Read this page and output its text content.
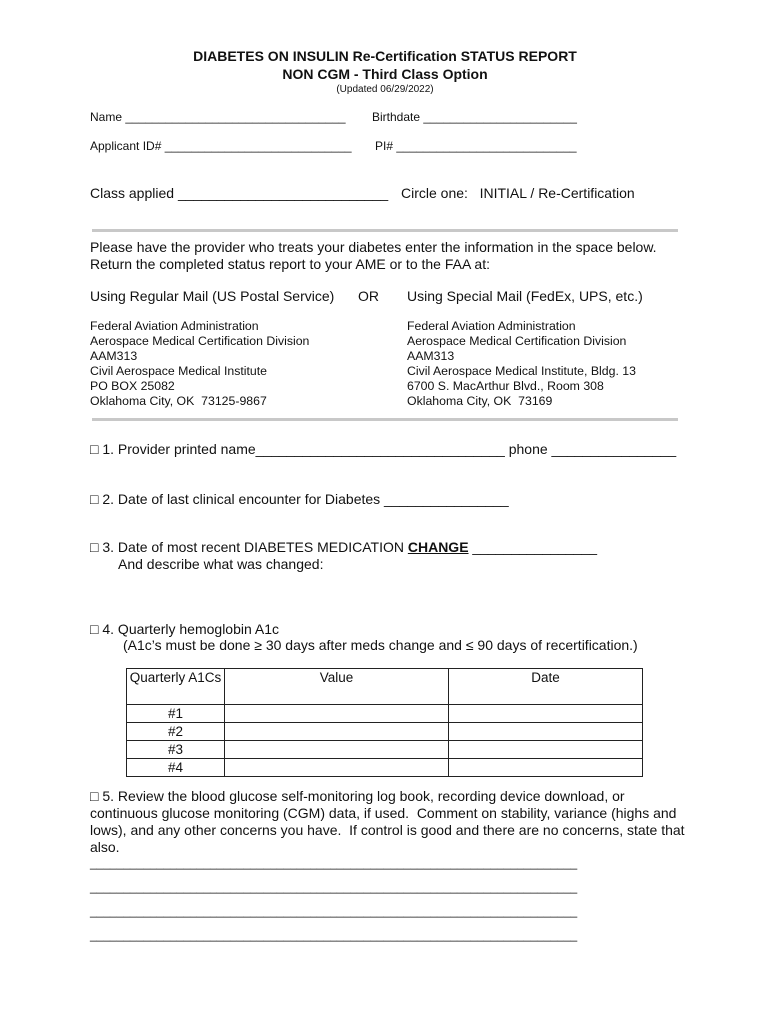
DIABETES ON INSULIN Re-Certification STATUS REPORT
NON CGM - Third Class Option
(Updated 06/29/2022)
Name _________________________________ Birthdate _______________________
Applicant ID# ____________________________ PI# ___________________________
Class applied ___________________________ Circle one:   INITIAL / Re-Certification
Please have the provider who treats your diabetes enter the information in the space below.
Return the completed status report to your AME or to the FAA at:
Using Regular Mail (US Postal Service) OR Using Special Mail (FedEx, UPS, etc.)
Federal Aviation Administration
Aerospace Medical Certification Division
AAM313
Civil Aerospace Medical Institute
PO BOX 25082
Oklahoma City, OK  73125-9867
Federal Aviation Administration
Aerospace Medical Certification Division
AAM313
Civil Aerospace Medical Institute, Bldg. 13
6700 S. MacArthur Blvd., Room 308
Oklahoma City, OK  73169
□ 1. Provider printed name________________________________ phone ________________
□ 2. Date of last clinical encounter for Diabetes ________________
□ 3. Date of most recent DIABETES MEDICATION CHANGE ________________
And describe what was changed:
□ 4. Quarterly hemoglobin A1c
(A1c’s must be done ≥ 30 days after meds change and ≤ 90 days of recertification.)
Quarterly A1Cs	Value	Date
#1		
#2		
#3		
#4		
□ 5. Review the blood glucose self-monitoring log book, recording device download, or
continuous glucose monitoring (CGM) data, if used.  Comment on stability, variance (highs and
lows), and any other concerns you have.  If control is good and there are no concerns, state that
also.
_________________________________________________________________________
_________________________________________________________________________
_________________________________________________________________________
_________________________________________________________________________
